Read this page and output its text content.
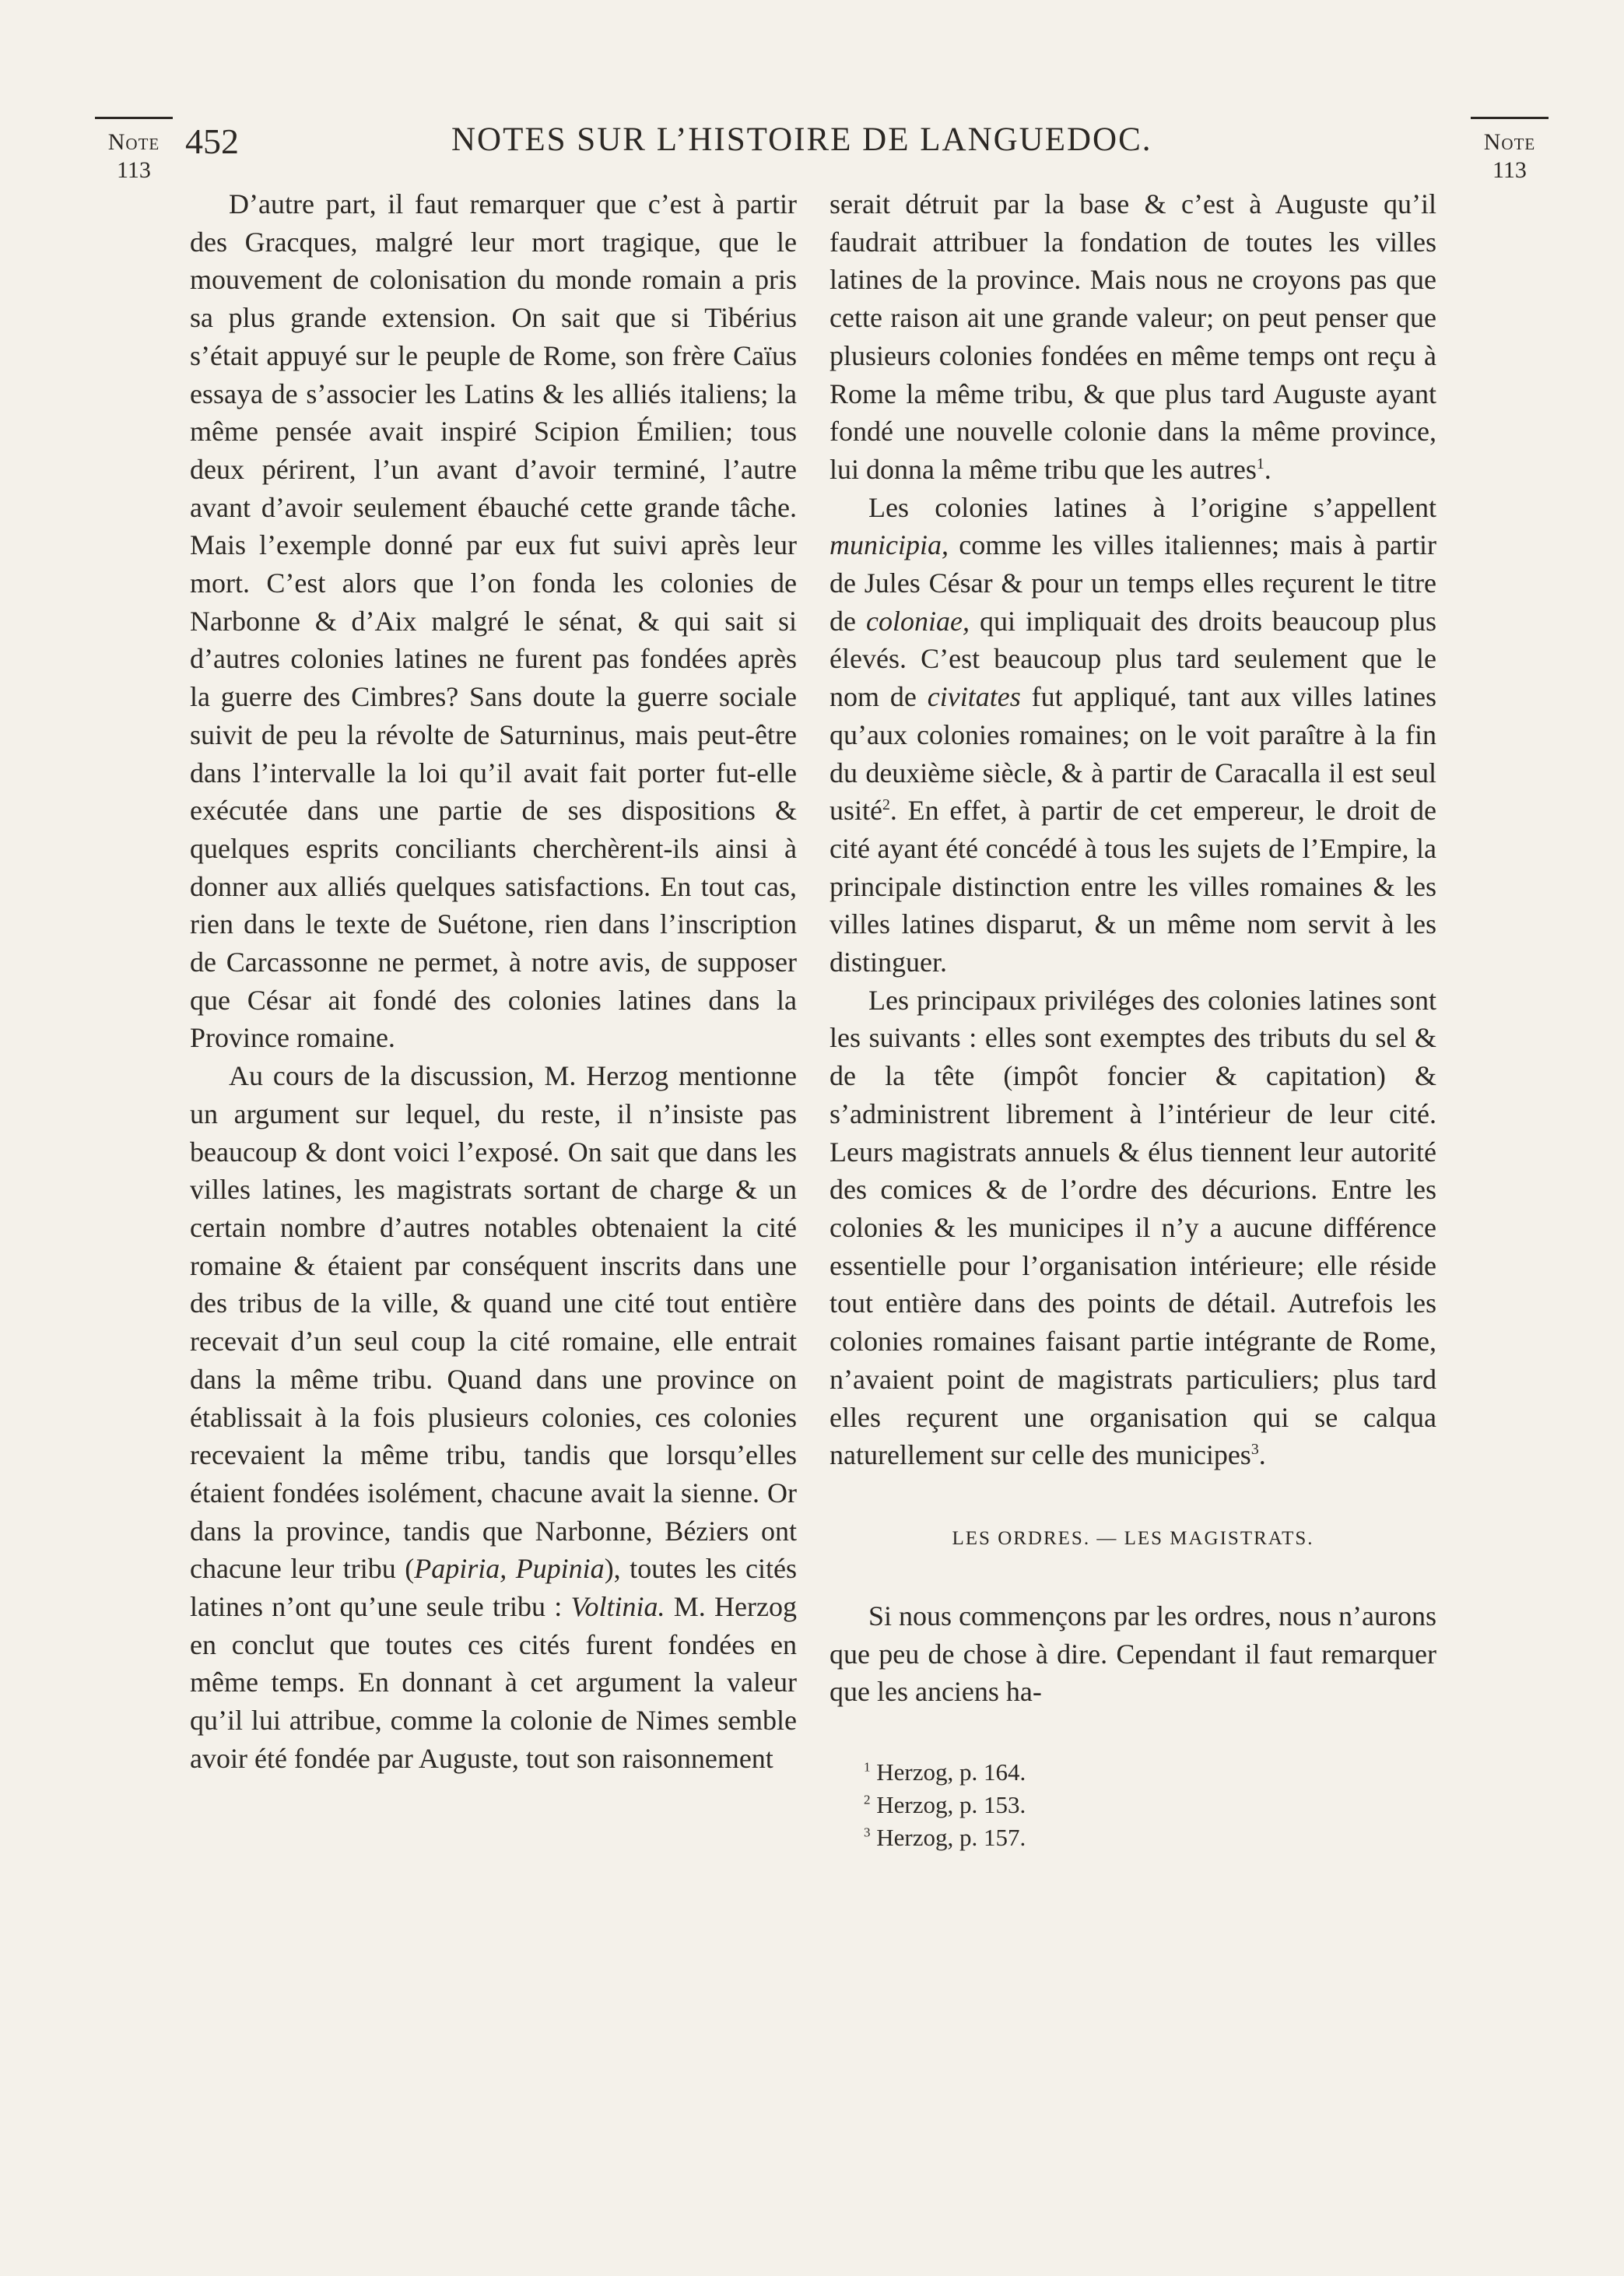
Note
113
Note
113
452	NOTES SUR L’HISTOIRE DE LANGUEDOC.

D’autre part, il faut remarquer que c’est à partir des Gracques, malgré leur mort tragique, que le mouvement de colonisation du monde romain a pris sa plus grande extension. On sait que si Tibérius s’était appuyé sur le peuple de Rome, son frère Caïus essaya de s’associer les Latins & les alliés italiens; la même pensée avait inspiré Scipion Émilien; tous deux périrent, l’un avant d’avoir terminé, l’autre avant d’avoir seulement ébauché cette grande tâche. Mais l’exemple donné par eux fut suivi après leur mort. C’est alors que l’on fonda les colonies de Narbonne & d’Aix malgré le sénat, & qui sait si d’autres colonies latines ne furent pas fondées après la guerre des Cimbres? Sans doute la guerre sociale suivit de peu la révolte de Saturninus, mais peut-être dans l’intervalle la loi qu’il avait fait porter fut-elle exécutée dans une partie de ses dispositions & quelques esprits conciliants cherchèrent-ils ainsi à donner aux alliés quelques satisfactions. En tout cas, rien dans le texte de Suétone, rien dans l’inscription de Carcassonne ne permet, à notre avis, de supposer que César ait fondé des colonies latines dans la Province romaine.

Au cours de la discussion, M. Herzog mentionne un argument sur lequel, du reste, il n’insiste pas beaucoup & dont voici l’exposé. On sait que dans les villes latines, les magistrats sortant de charge & un certain nombre d’autres notables obtenaient la cité romaine & étaient par conséquent inscrits dans une des tribus de la ville, & quand une cité tout entière recevait d’un seul coup la cité romaine, elle entrait dans la même tribu. Quand dans une province on établissait à la fois plusieurs colonies, ces colonies recevaient la même tribu, tandis que lorsqu’elles étaient fondées isolément, chacune avait la sienne. Or dans la province, tandis que Narbonne, Béziers ont chacune leur tribu (Papiria, Pupinia), toutes les cités latines n’ont qu’une seule tribu : Voltinia. M. Herzog en conclut que toutes ces cités furent fondées en même temps. En donnant à cet argument la valeur qu’il lui attribue, comme la colonie de Nimes semble avoir été fondée par Auguste, tout son raisonnement

serait détruit par la base & c’est à Auguste qu’il faudrait attribuer la fondation de toutes les villes latines de la province. Mais nous ne croyons pas que cette raison ait une grande valeur; on peut penser que plusieurs colonies fondées en même temps ont reçu à Rome la même tribu, & que plus tard Auguste ayant fondé une nouvelle colonie dans la même province, lui donna la même tribu que les autres$^1$.

Les colonies latines à l’origine s’appellent municipia, comme les villes italiennes; mais à partir de Jules César & pour un temps elles reçurent le titre de coloniae, qui impliquait des droits beaucoup plus élevés. C’est beaucoup plus tard seulement que le nom de civitates fut appliqué, tant aux villes latines qu’aux colonies romaines; on le voit paraître à la fin du deuxième siècle, & à partir de Caracalla il est seul usité$^2$. En effet, à partir de cet empereur, le droit de cité ayant été concédé à tous les sujets de l’Empire, la principale distinction entre les villes romaines & les villes latines disparut, & un même nom servit à les distinguer.

Les principaux priviléges des colonies latines sont les suivants : elles sont exemptes des tributs du sel & de la tête (impôt foncier & capitation) & s’administrent librement à l’intérieur de leur cité. Leurs magistrats annuels & élus tiennent leur autorité des comices & de l’ordre des décurions. Entre les colonies & les municipes il n’y a aucune différence essentielle pour l’organisation intérieure; elle réside tout entière dans des points de détail. Autrefois les colonies romaines faisant partie intégrante de Rome, n’avaient point de magistrats particuliers; plus tard elles reçurent une organisation qui se calqua naturellement sur celle des municipes$^3$.

LES ORDRES. — LES MAGISTRATS.

Si nous commençons par les ordres, nous n’aurons que peu de chose à dire. Cependant il faut remarquer que les anciens ha-

$^1$ Herzog, p. 164.
$^2$ Herzog, p. 153.
$^3$ Herzog, p. 157.
